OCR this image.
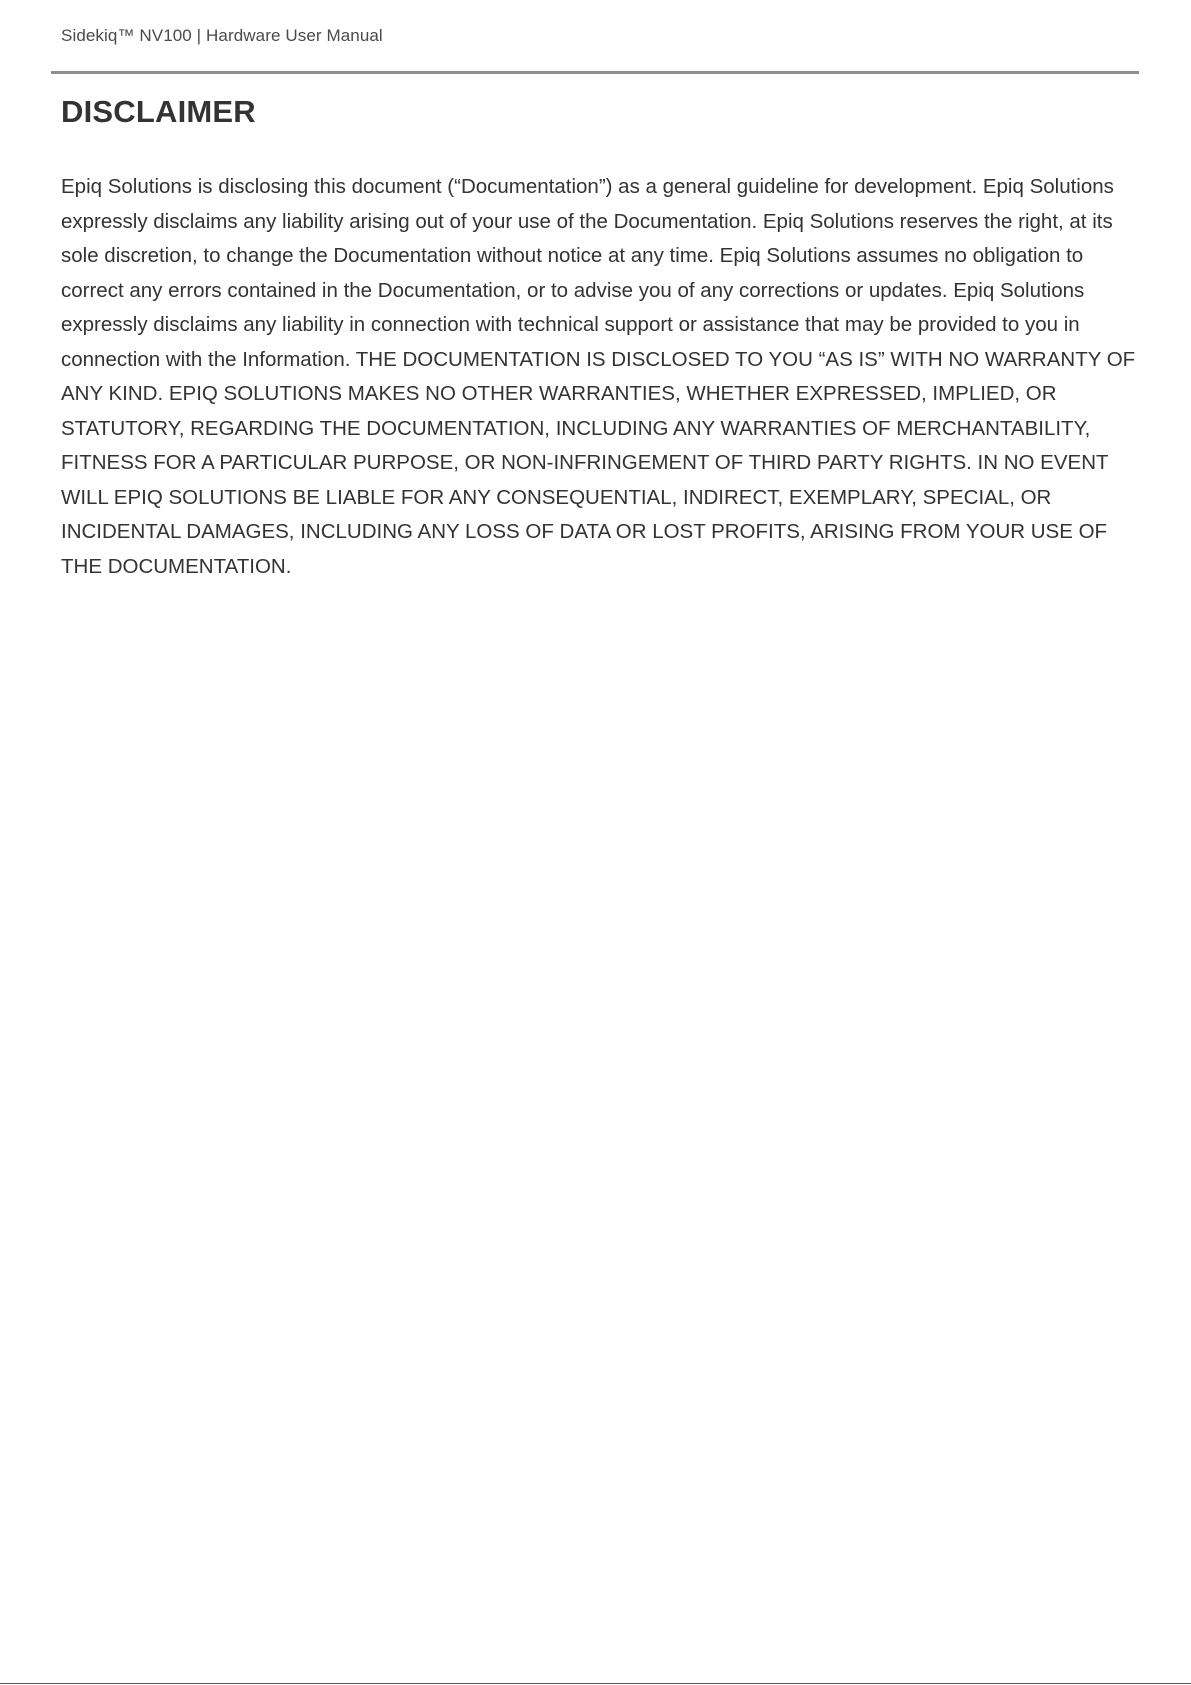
Sidekiq™ NV100 | Hardware User Manual
DISCLAIMER

Epiq Solutions is disclosing this document (“Documentation”) as a general guideline for development. Epiq Solutions expressly disclaims any liability arising out of your use of the Documentation. Epiq Solutions reserves the right, at its sole discretion, to change the Documentation without notice at any time. Epiq Solutions assumes no obligation to correct any errors contained in the Documentation, or to advise you of any corrections or updates. Epiq Solutions expressly disclaims any liability in connection with technical support or assistance that may be provided to you in connection with the Information. THE DOCUMENTATION IS DISCLOSED TO YOU “AS IS” WITH NO WARRANTY OF ANY KIND. EPIQ SOLUTIONS MAKES NO OTHER WARRANTIES, WHETHER EXPRESSED, IMPLIED, OR STATUTORY, REGARDING THE DOCUMENTATION, INCLUDING ANY WARRANTIES OF MERCHANTABILITY, FITNESS FOR A PARTICULAR PURPOSE, OR NON-INFRINGEMENT OF THIRD PARTY RIGHTS. IN NO EVENT WILL EPIQ SOLUTIONS BE LIABLE FOR ANY CONSEQUENTIAL, INDIRECT, EXEMPLARY, SPECIAL, OR INCIDENTAL DAMAGES, INCLUDING ANY LOSS OF DATA OR LOST PROFITS, ARISING FROM YOUR USE OF THE DOCUMENTATION.
